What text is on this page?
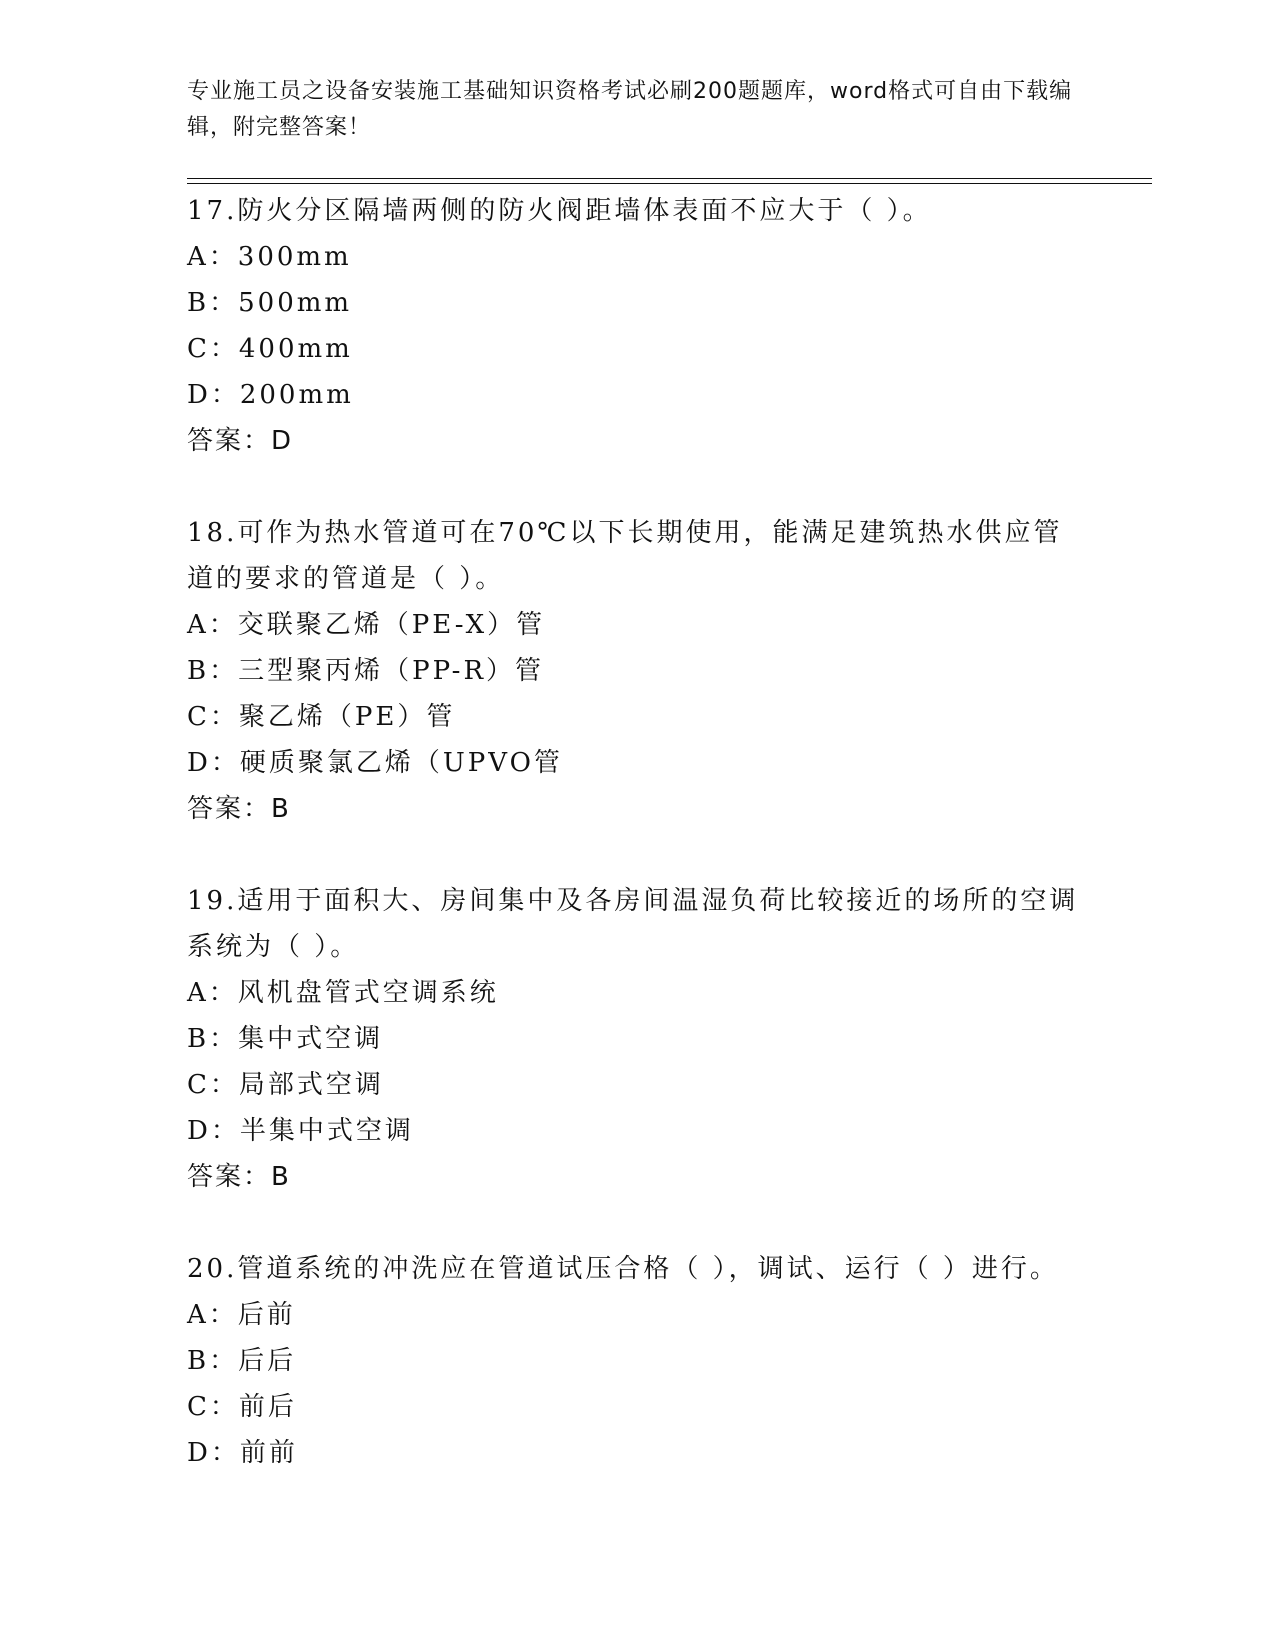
专业施工员之设备安装施工基础知识资格考试必刷200题题库，word格式可自由下载编辑，附完整答案！

17.防火分区隔墙两侧的防火阀距墙体表面不应大于（ ）。

A：300mm

B：500mm

C：400mm

D：200mm

答案：D

18.可作为热水管道可在70℃以下长期使用，能满足建筑热水供应管道的要求的管道是（ ）。

A：交联聚乙烯（PE-X）管

B：三型聚丙烯（PP-R）管

C：聚乙烯（PE）管

D：硬质聚氯乙烯（UPVO管

答案：B

19.适用于面积大、房间集中及各房间温湿负荷比较接近的场所的空调系统为（ ）。

A：风机盘管式空调系统

B：集中式空调

C：局部式空调

D：半集中式空调

答案：B

20.管道系统的冲洗应在管道试压合格（ ），调试、运行（ ）进行。

A：后前

B：后后

C：前后

D：前前
